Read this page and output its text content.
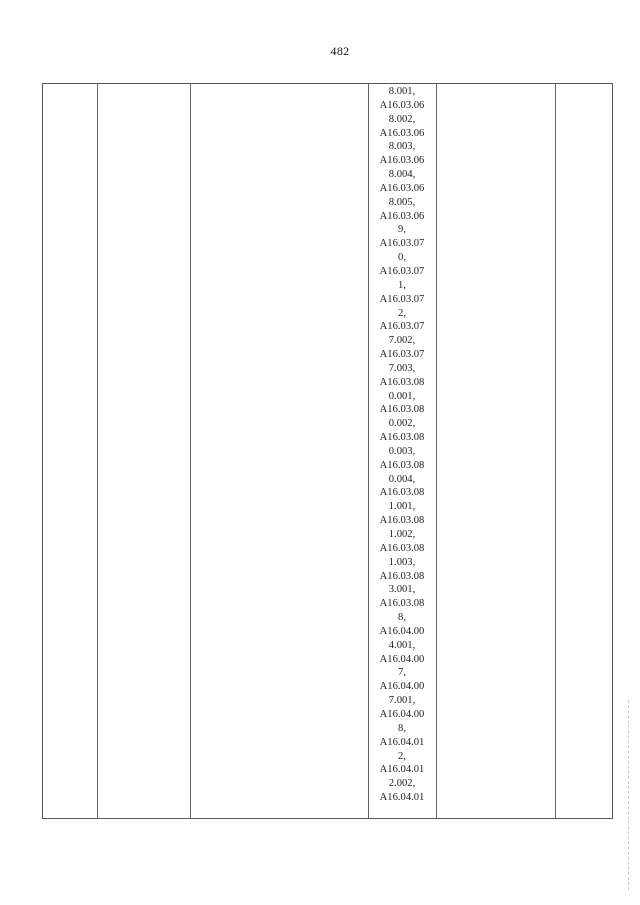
482
8.001,
A16.03.06
8.002,
A16.03.06
8.003,
A16.03.06
8.004,
A16.03.06
8.005,
A16.03.06
9,
A16.03.07
0,
A16.03.07
1,
A16.03.07
2,
A16.03.07
7.002,
A16.03.07
7.003,
A16.03.08
0.001,
A16.03.08
0.002,
A16.03.08
0.003,
A16.03.08
0.004,
A16.03.08
1.001,
A16.03.08
1.002,
A16.03.08
1.003,
A16.03.08
3.001,
A16.03.08
8,
A16.04.00
4.001,
A16.04.00
7,
A16.04.00
7.001,
A16.04.00
8,
A16.04.01
2,
A16.04.01
2.002,
A16.04.01
